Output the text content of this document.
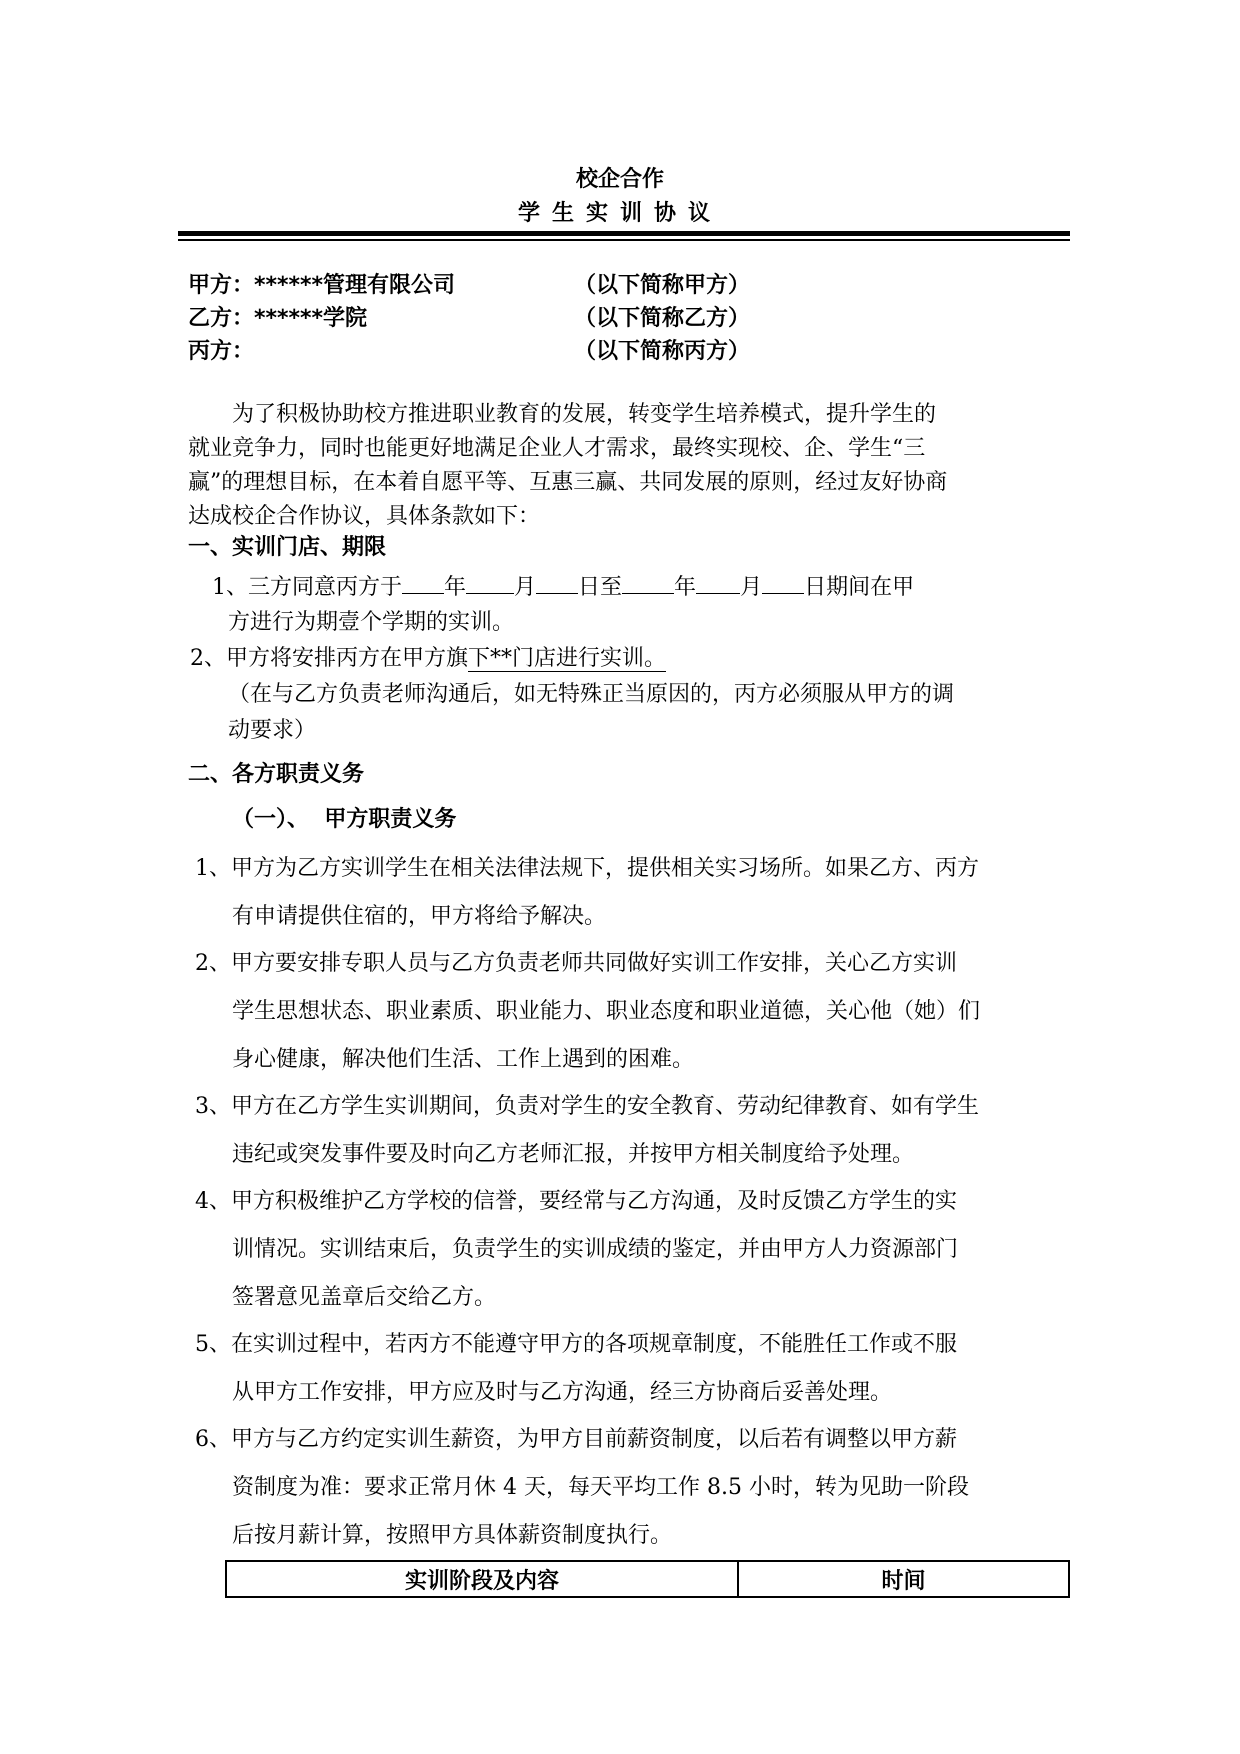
校企合作
学生实训协议
甲方：******管理有限公司	（以下简称甲方）
乙方：******学院	（以下简称乙方）
丙方：	（以下简称丙方）
为了积极协助校方推进职业教育的发展，转变学生培养模式，提升学生的
就业竞争力，同时也能更好地满足企业人才需求，最终实现校、企、学生“三
赢”的理想目标，在本着自愿平等、互惠三赢、共同发展的原则，经过友好协商
达成校企合作协议，具体条款如下：
一、实训门店、期限
1、三方同意丙方于 年 月 日至 年 月 日期间在甲
方进行为期壹个学期的实训。
2、甲方将安排丙方在甲方旗下**门店进行实训。
（在与乙方负责老师沟通后，如无特殊正当原因的，丙方必须服从甲方的调
动要求）
二、各方职责义务
（一）、  甲方职责义务
1、甲方为乙方实训学生在相关法律法规下，提供相关实习场所。如果乙方、丙方
有申请提供住宿的，甲方将给予解决。
2、甲方要安排专职人员与乙方负责老师共同做好实训工作安排，关心乙方实训
学生思想状态、职业素质、职业能力、职业态度和职业道德，关心他（她）们
身心健康，解决他们生活、工作上遇到的困难。
3、甲方在乙方学生实训期间，负责对学生的安全教育、劳动纪律教育、如有学生
违纪或突发事件要及时向乙方老师汇报，并按甲方相关制度给予处理。
4、甲方积极维护乙方学校的信誉，要经常与乙方沟通，及时反馈乙方学生的实
训情况。实训结束后，负责学生的实训成绩的鉴定，并由甲方人力资源部门
签署意见盖章后交给乙方。
5、在实训过程中，若丙方不能遵守甲方的各项规章制度，不能胜任工作或不服
从甲方工作安排，甲方应及时与乙方沟通，经三方协商后妥善处理。
6、甲方与乙方约定实训生薪资，为甲方目前薪资制度，以后若有调整以甲方薪
资制度为准：要求正常月休 4 天，每天平均工作 8.5 小时，转为见助一阶段
后按月薪计算，按照甲方具体薪资制度执行。
实训阶段及内容	时间
